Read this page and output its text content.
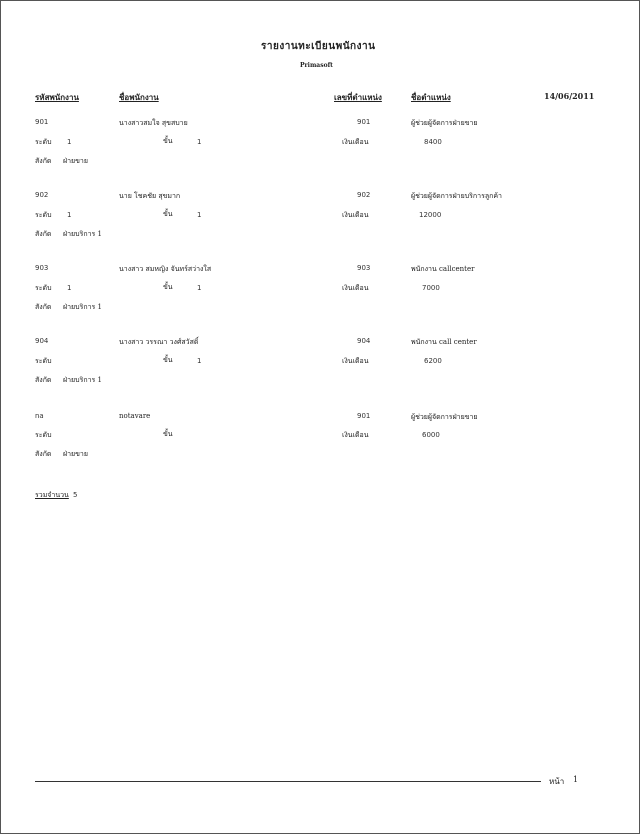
รายงานทะเบียนพนักงาน
Primasoft
รหัสพนักงาน	ชื่อพนักงาน	เลขที่ตำแหน่ง	ชื่อตำแหน่ง	14/06/2011
901	นางสาวสมใจ สุขสบาย	901	ผู้ช่วยผู้จัดการฝ่ายขาย
ระดับ 1	ขั้น	1	เงินเดือน	8400
สังกัด ฝ่ายขาย
902	นาย โชคชัย สุขมาก	902	ผู้ช่วยผู้จัดการฝ่ายบริการลูกค้า
ระดับ 1	ขั้น	1	เงินเดือน	12000
สังกัด ฝ่ายบริการ 1
903	นางสาว สมหญิง จันทร์สว่างใส	903	พนักงาน callcenter
ระดับ 1	ขั้น	1	เงินเดือน	7000
สังกัด ฝ่ายบริการ 1
904	นางสาว วรรณา วงศ์สวัสดิ์	904	พนักงาน call center
ระดับ	ขั้น	1	เงินเดือน	6200
สังกัด ฝ่ายบริการ 1
na	notavare	901	ผู้ช่วยผู้จัดการฝ่ายขาย
ระดับ	ขั้น	เงินเดือน	6000
สังกัด ฝ่ายขาย
รวมจำนวน 5
หน้า 1
